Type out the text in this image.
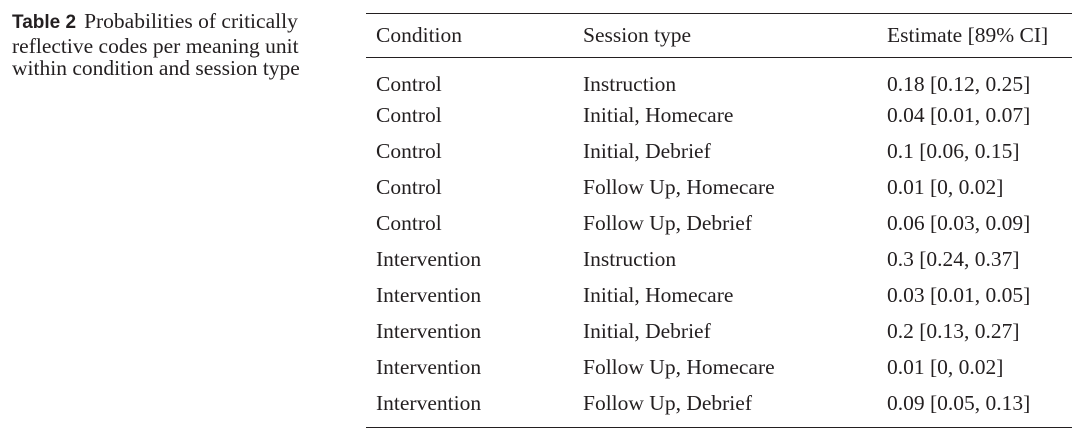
Table 2 Probabilities of critically reflective codes per meaning unit within condition and session type
Condition	Session type	Estimate [89% CI]
Control	Instruction	0.18 [0.12, 0.25]
Control	Initial, Homecare	0.04 [0.01, 0.07]
Control	Initial, Debrief	0.1 [0.06, 0.15]
Control	Follow Up, Homecare	0.01 [0, 0.02]
Control	Follow Up, Debrief	0.06 [0.03, 0.09]
Intervention	Instruction	0.3 [0.24, 0.37]
Intervention	Initial, Homecare	0.03 [0.01, 0.05]
Intervention	Initial, Debrief	0.2 [0.13, 0.27]
Intervention	Follow Up, Homecare	0.01 [0, 0.02]
Intervention	Follow Up, Debrief	0.09 [0.05, 0.13]
